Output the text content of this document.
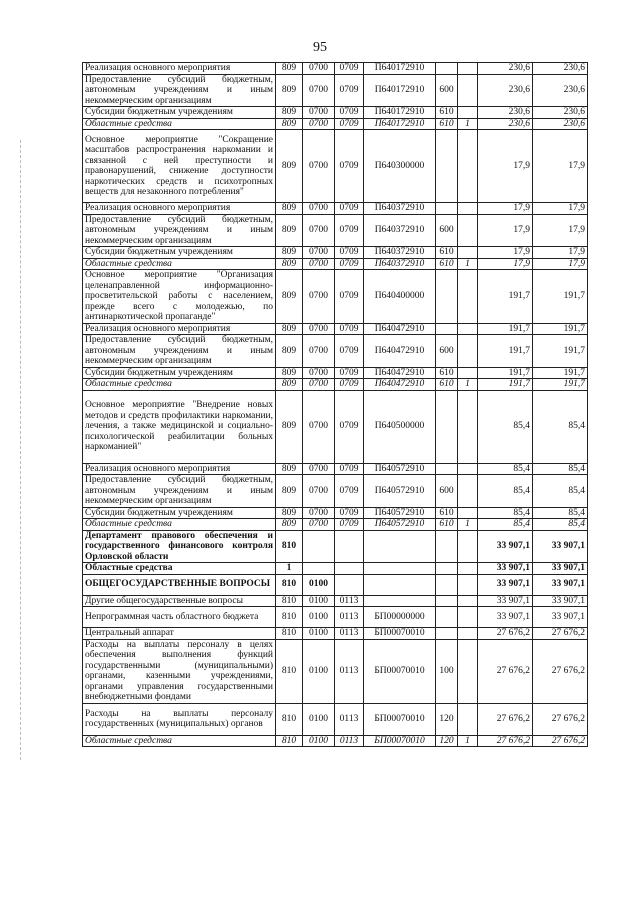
95
Реализация основного мероприятия	809	0700	0709	П640172910			230,6	230,6
Предоставление субсидий бюджетным, автономным учреждениям и иным некоммерческим организациям	809	0700	0709	П640172910	600		230,6	230,6
Субсидии бюджетным учреждениям	809	0700	0709	П640172910	610		230,6	230,6
Областные средства	809	0700	0709	П640172910	610	1	230,6	230,6
Основное мероприятие "Сокращение масштабов распространения наркомании и связанной с ней преступности и правонарушений, снижение доступности наркотических средств и психотропных веществ для незаконного потребления"	809	0700	0709	П640300000			17,9	17,9
Реализация основного мероприятия	809	0700	0709	П640372910			17,9	17,9
Предоставление субсидий бюджетным, автономным учреждениям и иным некоммерческим организациям	809	0700	0709	П640372910	600		17,9	17,9
Субсидии бюджетным учреждениям	809	0700	0709	П640372910	610		17,9	17,9
Областные средства	809	0700	0709	П640372910	610	1	17,9	17,9
Основное мероприятие "Организация целенаправленной информационно-просветительской работы с населением, прежде всего с молодежью, по антинаркотической пропаганде"	809	0700	0709	П640400000			191,7	191,7
Реализация основного мероприятия	809	0700	0709	П640472910			191,7	191,7
Предоставление субсидий бюджетным, автономным учреждениям и иным некоммерческим организациям	809	0700	0709	П640472910	600		191,7	191,7
Субсидии бюджетным учреждениям	809	0700	0709	П640472910	610		191,7	191,7
Областные средства	809	0700	0709	П640472910	610	1	191,7	191,7
Основное мероприятие "Внедрение новых методов и средств профилактики наркомании, лечения, а также медицинской и социально-психологической реабилитации больных наркоманией"	809	0700	0709	П640500000			85,4	85,4
Реализация основного мероприятия	809	0700	0709	П640572910			85,4	85,4
Предоставление субсидий бюджетным, автономным учреждениям и иным некоммерческим организациям	809	0700	0709	П640572910	600		85,4	85,4
Субсидии бюджетным учреждениям	809	0700	0709	П640572910	610		85,4	85,4
Областные средства	809	0700	0709	П640572910	610	1	85,4	85,4
Департамент правового обеспечения и государственного финансового контроля Орловской области	810						33 907,1	33 907,1
Областные средства	1						33 907,1	33 907,1
ОБЩЕГОСУДАРСТВЕННЫЕ ВОПРОСЫ	810	0100					33 907,1	33 907,1
Другие общегосударственные вопросы	810	0100	0113				33 907,1	33 907,1
Непрограммная часть областного бюджета	810	0100	0113	БП00000000			33 907,1	33 907,1
Центральный аппарат	810	0100	0113	БП00070010			27 676,2	27 676,2
Расходы на выплаты персоналу в целях обеспечения выполнения функций государственными (муниципальными) органами, казенными учреждениями, органами управления государственными внебюджетными фондами	810	0100	0113	БП00070010	100		27 676,2	27 676,2
Расходы на выплаты персоналу государственных (муниципальных) органов	810	0100	0113	БП00070010	120		27 676,2	27 676,2
Областные средства	810	0100	0113	БП00070010	120	1	27 676,2	27 676,2
